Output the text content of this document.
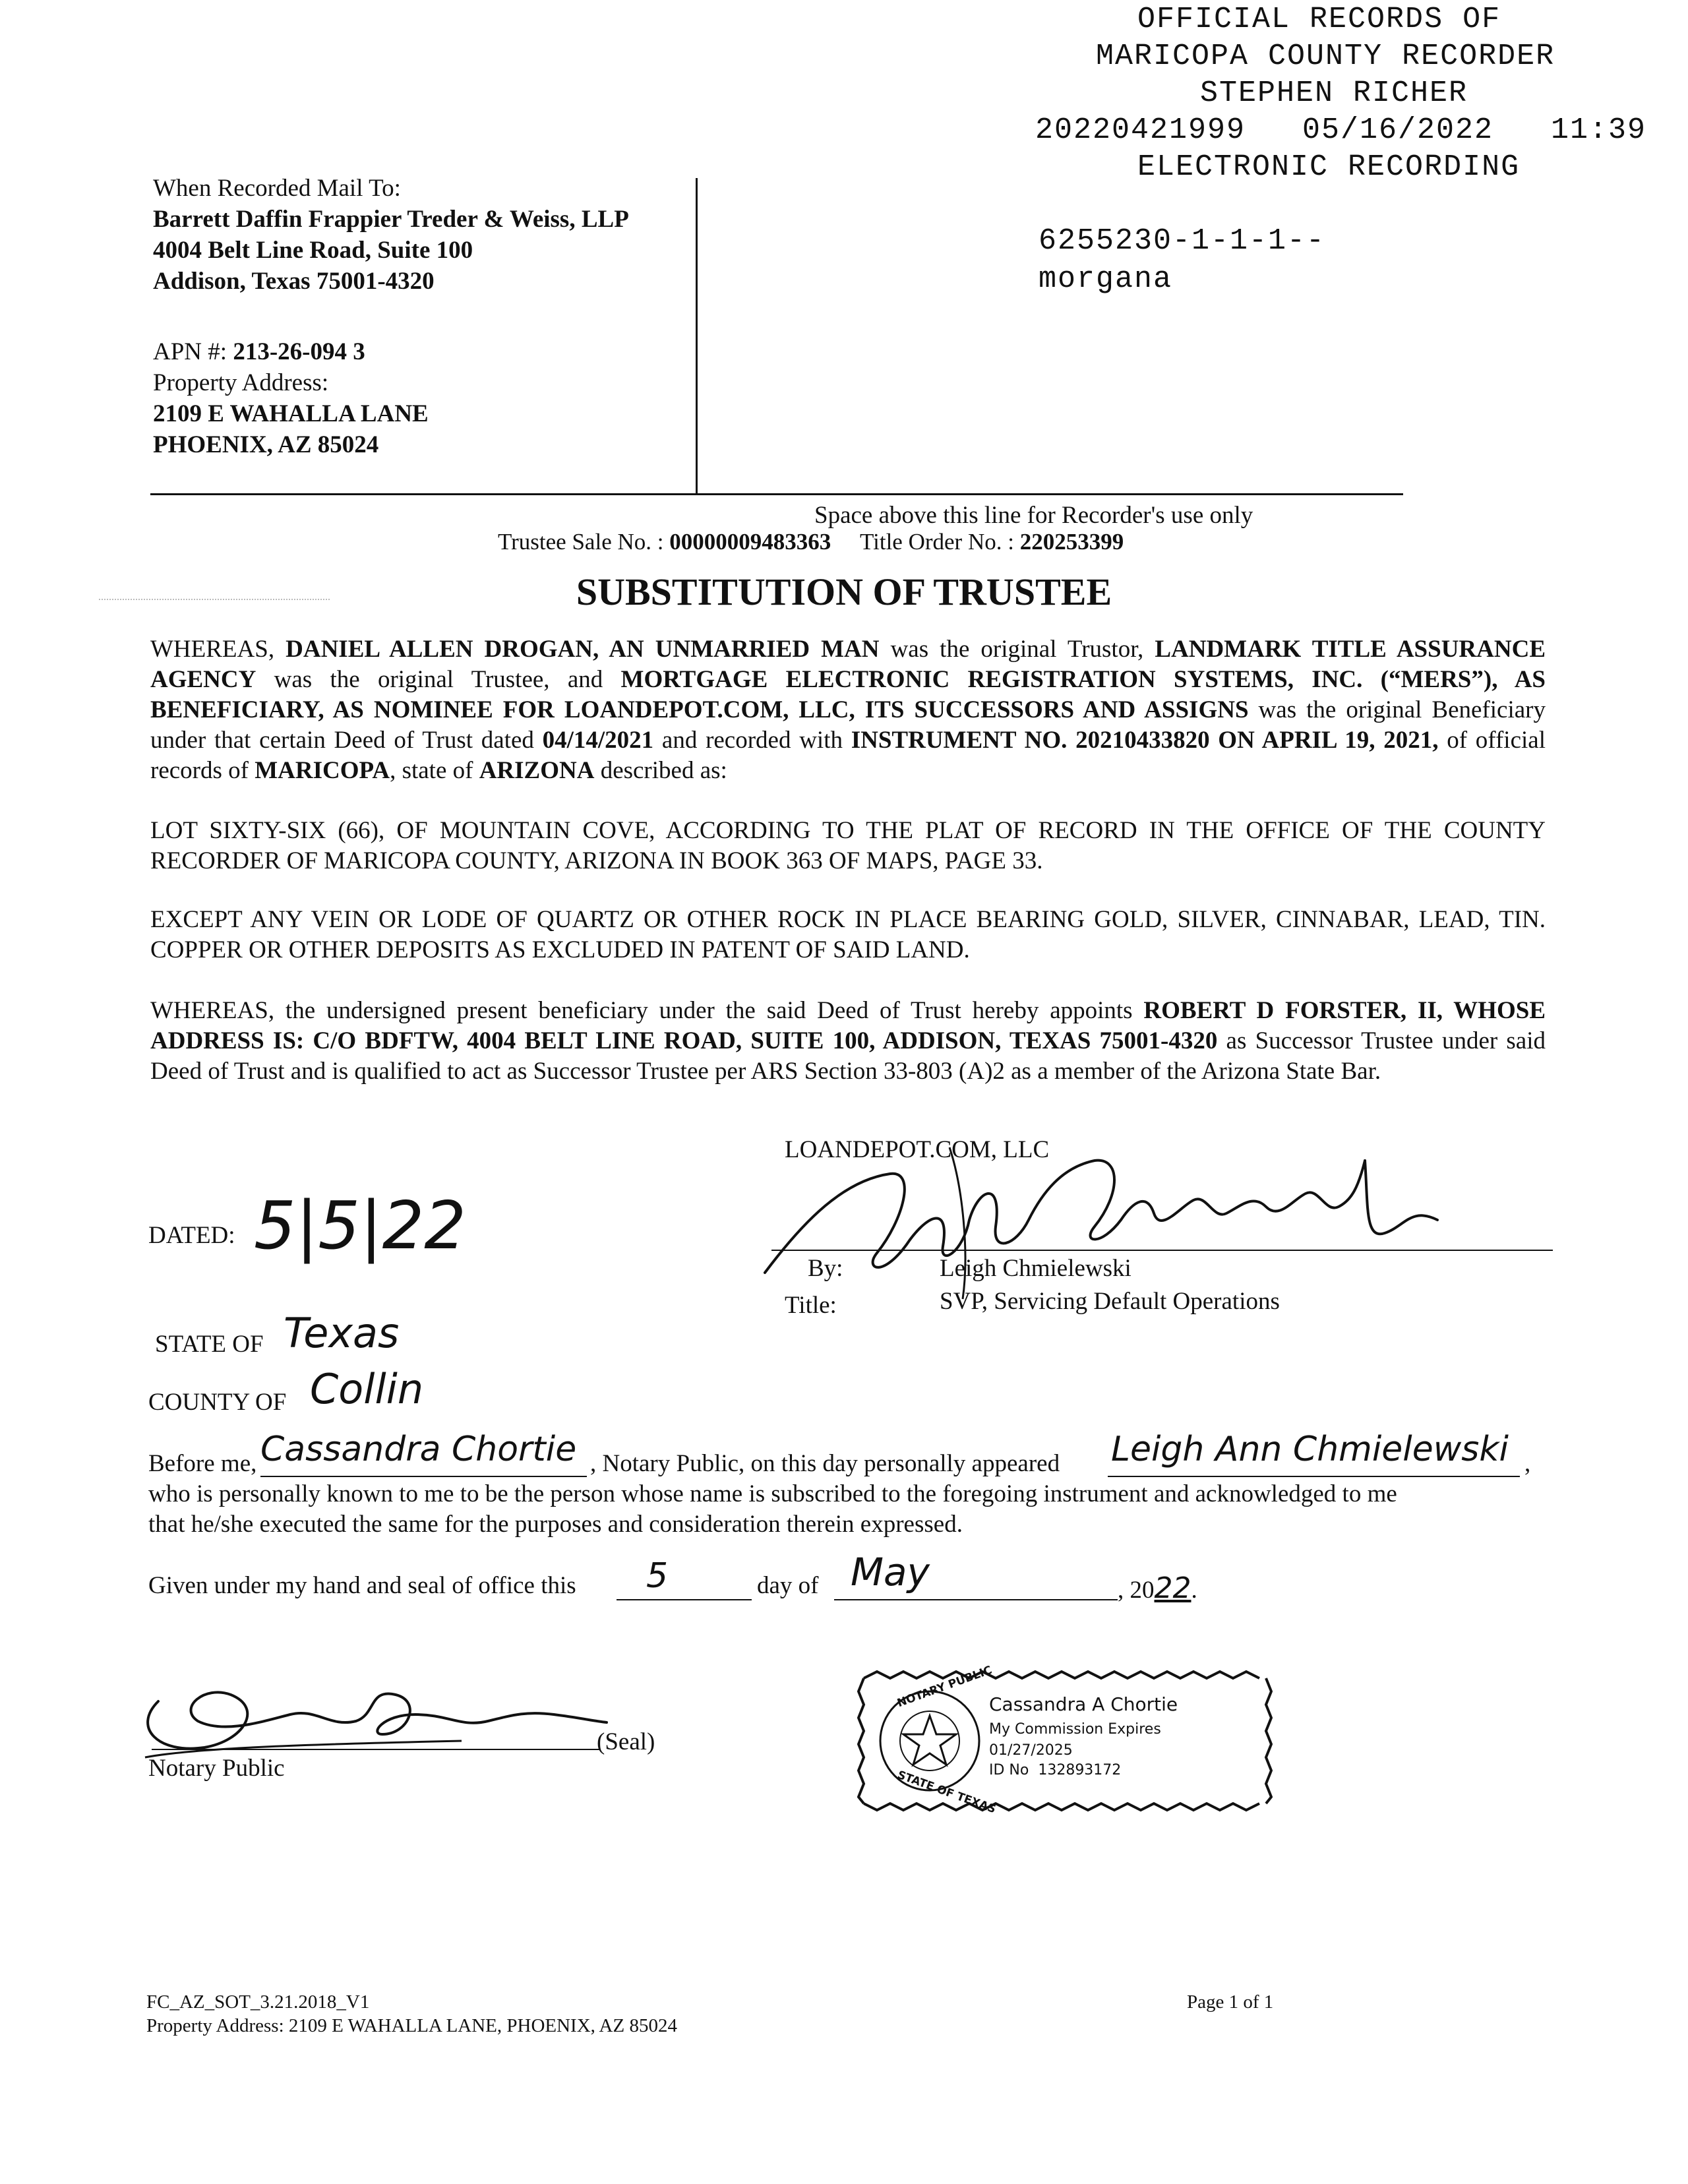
OFFICIAL RECORDS OF
MARICOPA COUNTY RECORDER
STEPHEN RICHER
20220421999 05/16/2022 11:39
ELECTRONIC RECORDING
6255230-1-1-1--
morgana
When Recorded Mail To:
Barrett Daffin Frappier Treder & Weiss, LLP
4004 Belt Line Road, Suite 100
Addison, Texas 75001-4320
APN #: 213-26-094 3
Property Address:
2109 E WAHALLA LANE
PHOENIX, AZ 85024
Space above this line for Recorder's use only
Trustee Sale No. : 00000009483363 Title Order No. : 220253399
SUBSTITUTION OF TRUSTEE
WHEREAS, DANIEL ALLEN DROGAN, AN UNMARRIED MAN was the original Trustor, LANDMARK TITLE ASSURANCE AGENCY was the original Trustee, and MORTGAGE ELECTRONIC REGISTRATION SYSTEMS, INC. (“MERS”), AS BENEFICIARY, AS NOMINEE FOR LOANDEPOT.COM, LLC, ITS SUCCESSORS AND ASSIGNS was the original Beneficiary under that certain Deed of Trust dated 04/14/2021 and recorded with INSTRUMENT NO. 20210433820 ON APRIL 19, 2021, of official records of MARICOPA, state of ARIZONA described as:
LOT SIXTY-SIX (66), OF MOUNTAIN COVE, ACCORDING TO THE PLAT OF RECORD IN THE OFFICE OF THE COUNTY RECORDER OF MARICOPA COUNTY, ARIZONA IN BOOK 363 OF MAPS, PAGE 33.
EXCEPT ANY VEIN OR LODE OF QUARTZ OR OTHER ROCK IN PLACE BEARING GOLD, SILVER, CINNABAR, LEAD, TIN. COPPER OR OTHER DEPOSITS AS EXCLUDED IN PATENT OF SAID LAND.
WHEREAS, the undersigned present beneficiary under the said Deed of Trust hereby appoints ROBERT D FORSTER, II, WHOSE ADDRESS IS: C/O BDFTW, 4004 BELT LINE ROAD, SUITE 100, ADDISON, TEXAS 75001-4320 as Successor Trustee under said Deed of Trust and is qualified to act as Successor Trustee per ARS Section 33-803 (A)2 as a member of the Arizona State Bar.
LOANDEPOT.COM, LLC
By:	Leigh Chmielewski
Title:	SVP, Servicing Default Operations
DATED: 5|5|22
STATE OF Texas
COUNTY OF Collin
Before me, Cassandra Chortie , Notary Public, on this day personally appeared Leigh Ann Chmielewski ,
who is personally known to me to be the person whose name is subscribed to the foregoing instrument and acknowledged to me
that he/she executed the same for the purposes and consideration therein expressed.
Given under my hand and seal of office this 5	day of May	, 2022.
(Seal)
Notary Public
NOTARY PUBLIC
STATE OF TEXAS
Cassandra A Chortie
My Commission Expires
01/27/2025
ID No  132893172
FC_AZ_SOT_3.21.2018_V1
Property Address: 2109 E WAHALLA LANE, PHOENIX, AZ 85024
Page 1 of 1
